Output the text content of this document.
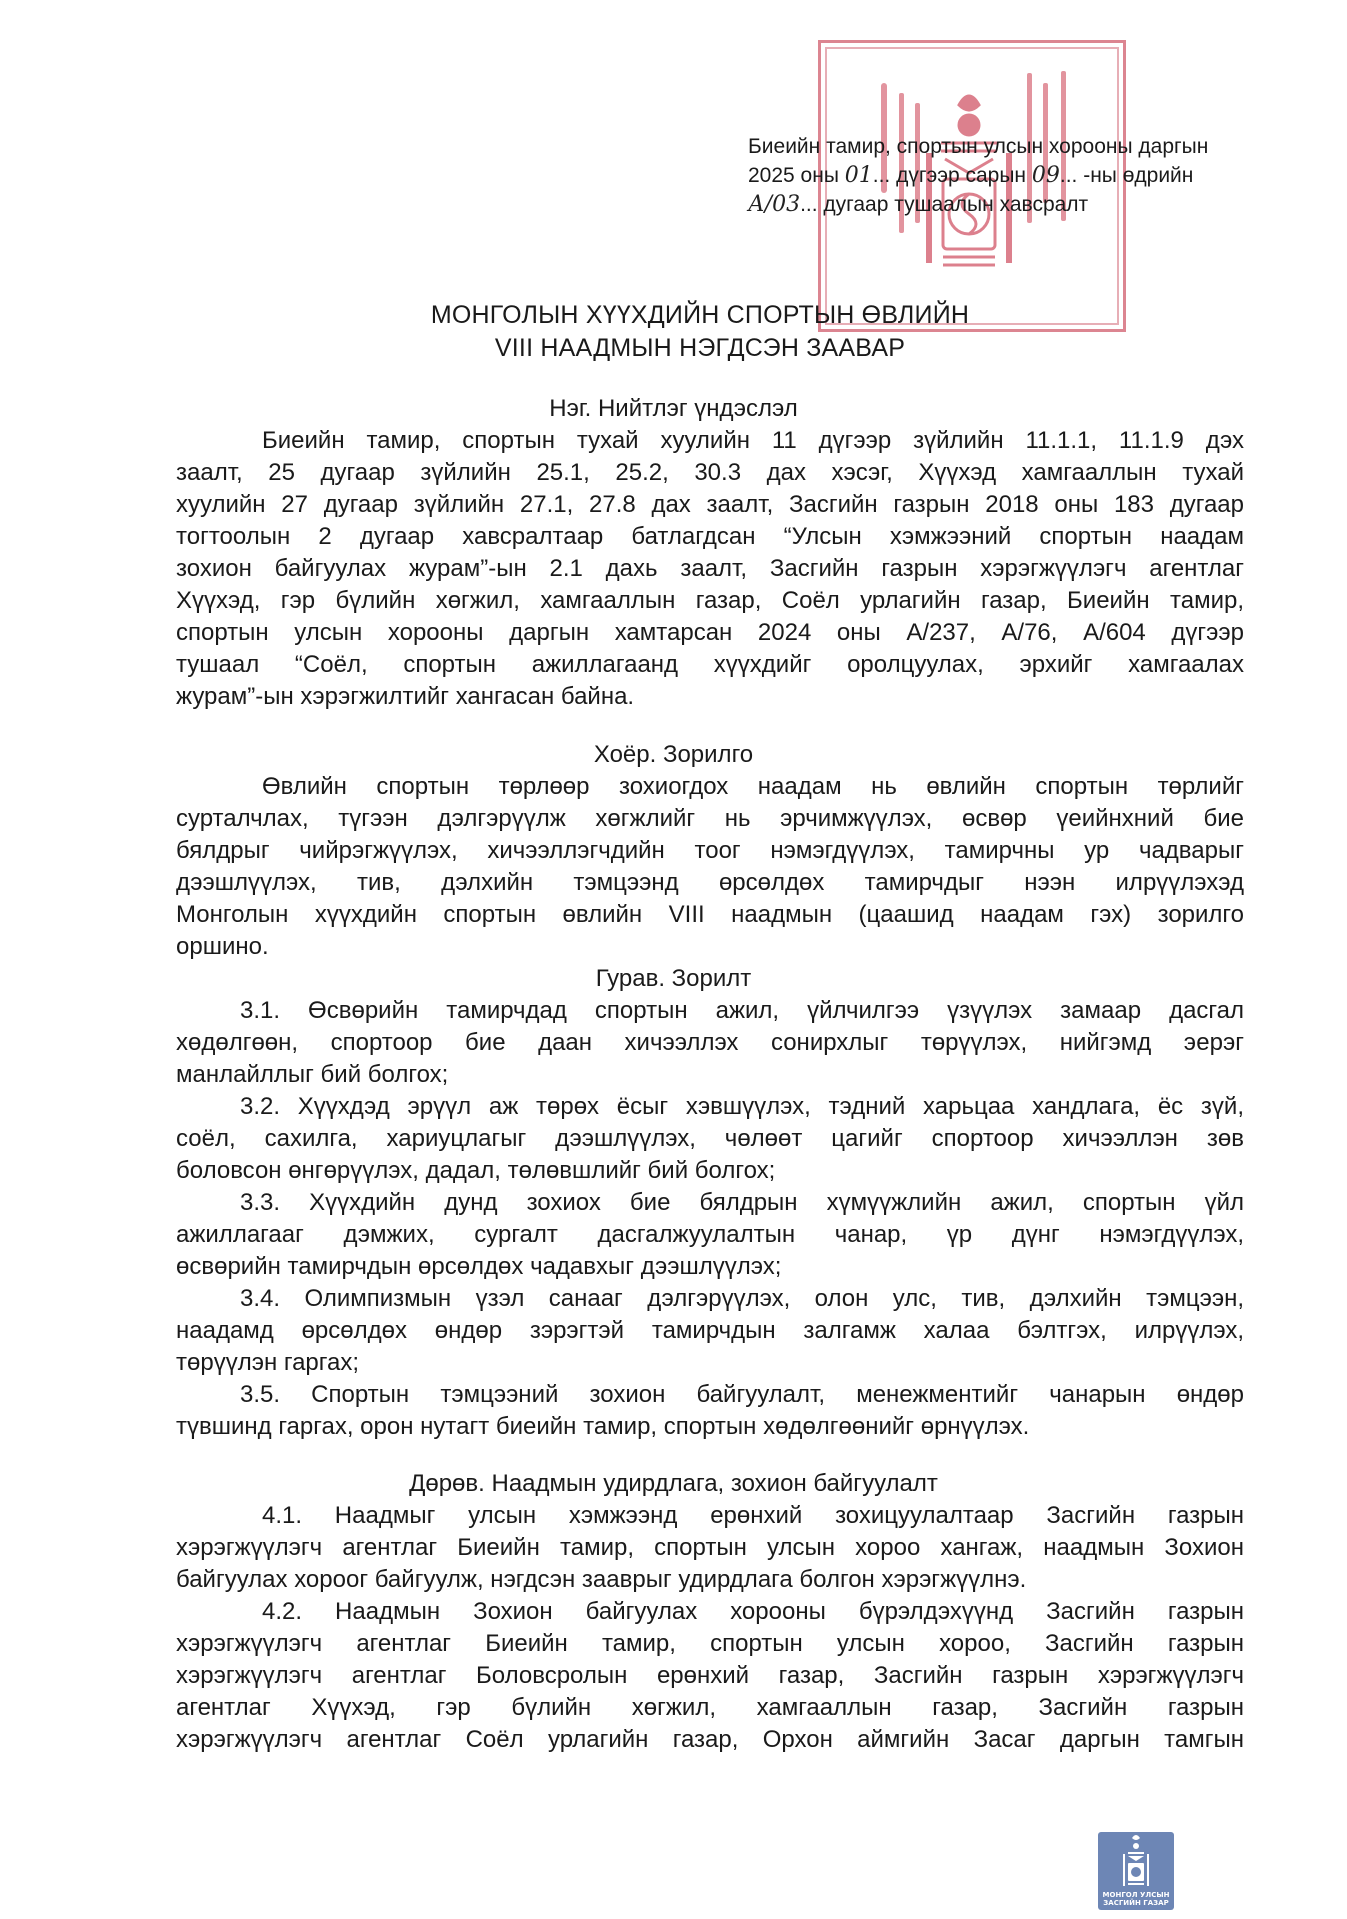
Биеийн тамир, спортын улсын хорооны даргын
2025 оны 01... дүгээр сарын 09... -ны өдрийн
А/03... дугаар тушаалын хавсралт
МОНГОЛЫН ХҮҮХДИЙН СПОРТЫН ӨВЛИЙН
VIII НААДМЫН НЭГДСЭН ЗААВАР
Нэг. Нийтлэг үндэслэл
Биеийн тамир, спортын тухай хуулийн 11 дүгээр зүйлийн 11.1.1, 11.1.9 дэх
заалт, 25 дугаар зүйлийн 25.1, 25.2, 30.3 дах хэсэг, Хүүхэд хамгааллын тухай
хуулийн 27 дугаар зүйлийн 27.1, 27.8 дах заалт, Засгийн газрын 2018 оны 183 дугаар
тогтоолын 2 дугаар хавсралтаар батлагдсан “Улсын хэмжээний спортын наадам
зохион байгуулах журам”-ын 2.1 дахь заалт, Засгийн газрын хэрэгжүүлэгч агентлаг
Хүүхэд, гэр бүлийн хөгжил, хамгааллын газар, Соёл урлагийн газар, Биеийн тамир,
спортын улсын хорооны даргын хамтарсан 2024 оны А/237, А/76, А/604 дүгээр
тушаал “Соёл, спортын ажиллагаанд хүүхдийг оролцуулах, эрхийг хамгаалах
журам”-ын хэрэгжилтийг хангасан байна.
Хоёр. Зорилго
Өвлийн спортын төрлөөр зохиогдох наадам нь өвлийн спортын төрлийг
сурталчлах, түгээн дэлгэрүүлж хөгжлийг нь эрчимжүүлэх, өсвөр үеийнхний бие
бялдрыг чийрэгжүүлэх, хичээллэгчдийн тоог нэмэгдүүлэх, тамирчны ур чадварыг
дээшлүүлэх, тив, дэлхийн тэмцээнд өрсөлдөх тамирчдыг нээн илрүүлэхэд
Монголын хүүхдийн спортын өвлийн VIII наадмын (цаашид наадам гэх) зорилго
оршино.
Гурав. Зорилт
3.1. Өсвөрийн тамирчдад спортын ажил, үйлчилгээ үзүүлэх замаар дасгал
хөдөлгөөн, спортоор бие даан хичээллэх сонирхлыг төрүүлэх, нийгэмд эерэг
манлайллыг бий болгох;
3.2. Хүүхдэд эрүүл аж төрөх ёсыг хэвшүүлэх, тэдний харьцаа хандлага, ёс зүй,
соёл, сахилга, хариуцлагыг дээшлүүлэх, чөлөөт цагийг спортоор хичээллэн зөв
боловсон өнгөрүүлэх, дадал, төлөвшлийг бий болгох;
3.3. Хүүхдийн дунд зохиох бие бялдрын хүмүүжлийн ажил, спортын үйл
ажиллагааг дэмжих, сургалт дасгалжуулалтын чанар, үр дүнг нэмэгдүүлэх,
өсвөрийн тамирчдын өрсөлдөх чадавхыг дээшлүүлэх;
3.4. Олимпизмын үзэл санааг дэлгэрүүлэх, олон улс, тив, дэлхийн тэмцээн,
наадамд өрсөлдөх өндөр зэрэгтэй тамирчдын залгамж халаа бэлтгэх, илрүүлэх,
төрүүлэн гаргах;
3.5. Спортын тэмцээний зохион байгуулалт, менежментийг чанарын өндөр
түвшинд гаргах, орон нутагт биеийн тамир, спортын хөдөлгөөнийг өрнүүлэх.
Дөрөв. Наадмын удирдлага, зохион байгуулалт
4.1. Наадмыг улсын хэмжээнд ерөнхий зохицуулалтаар Засгийн газрын
хэрэгжүүлэгч агентлаг Биеийн тамир, спортын улсын хороо хангаж, наадмын Зохион
байгуулах хороог байгуулж, нэгдсэн зааврыг удирдлага болгон хэрэгжүүлнэ.
4.2. Наадмын Зохион байгуулах хорооны бүрэлдэхүүнд Засгийн газрын
хэрэгжүүлэгч агентлаг Биеийн тамир, спортын улсын хороо, Засгийн газрын
хэрэгжүүлэгч агентлаг Боловсролын ерөнхий газар, Засгийн газрын хэрэгжүүлэгч
агентлаг Хүүхэд, гэр бүлийн хөгжил, хамгааллын газар, Засгийн газрын
хэрэгжүүлэгч агентлаг Соёл урлагийн газар, Орхон аймгийн Засаг даргын тамгын
МОНГОЛ УЛСЫН
ЗАСГИЙН ГАЗАР
